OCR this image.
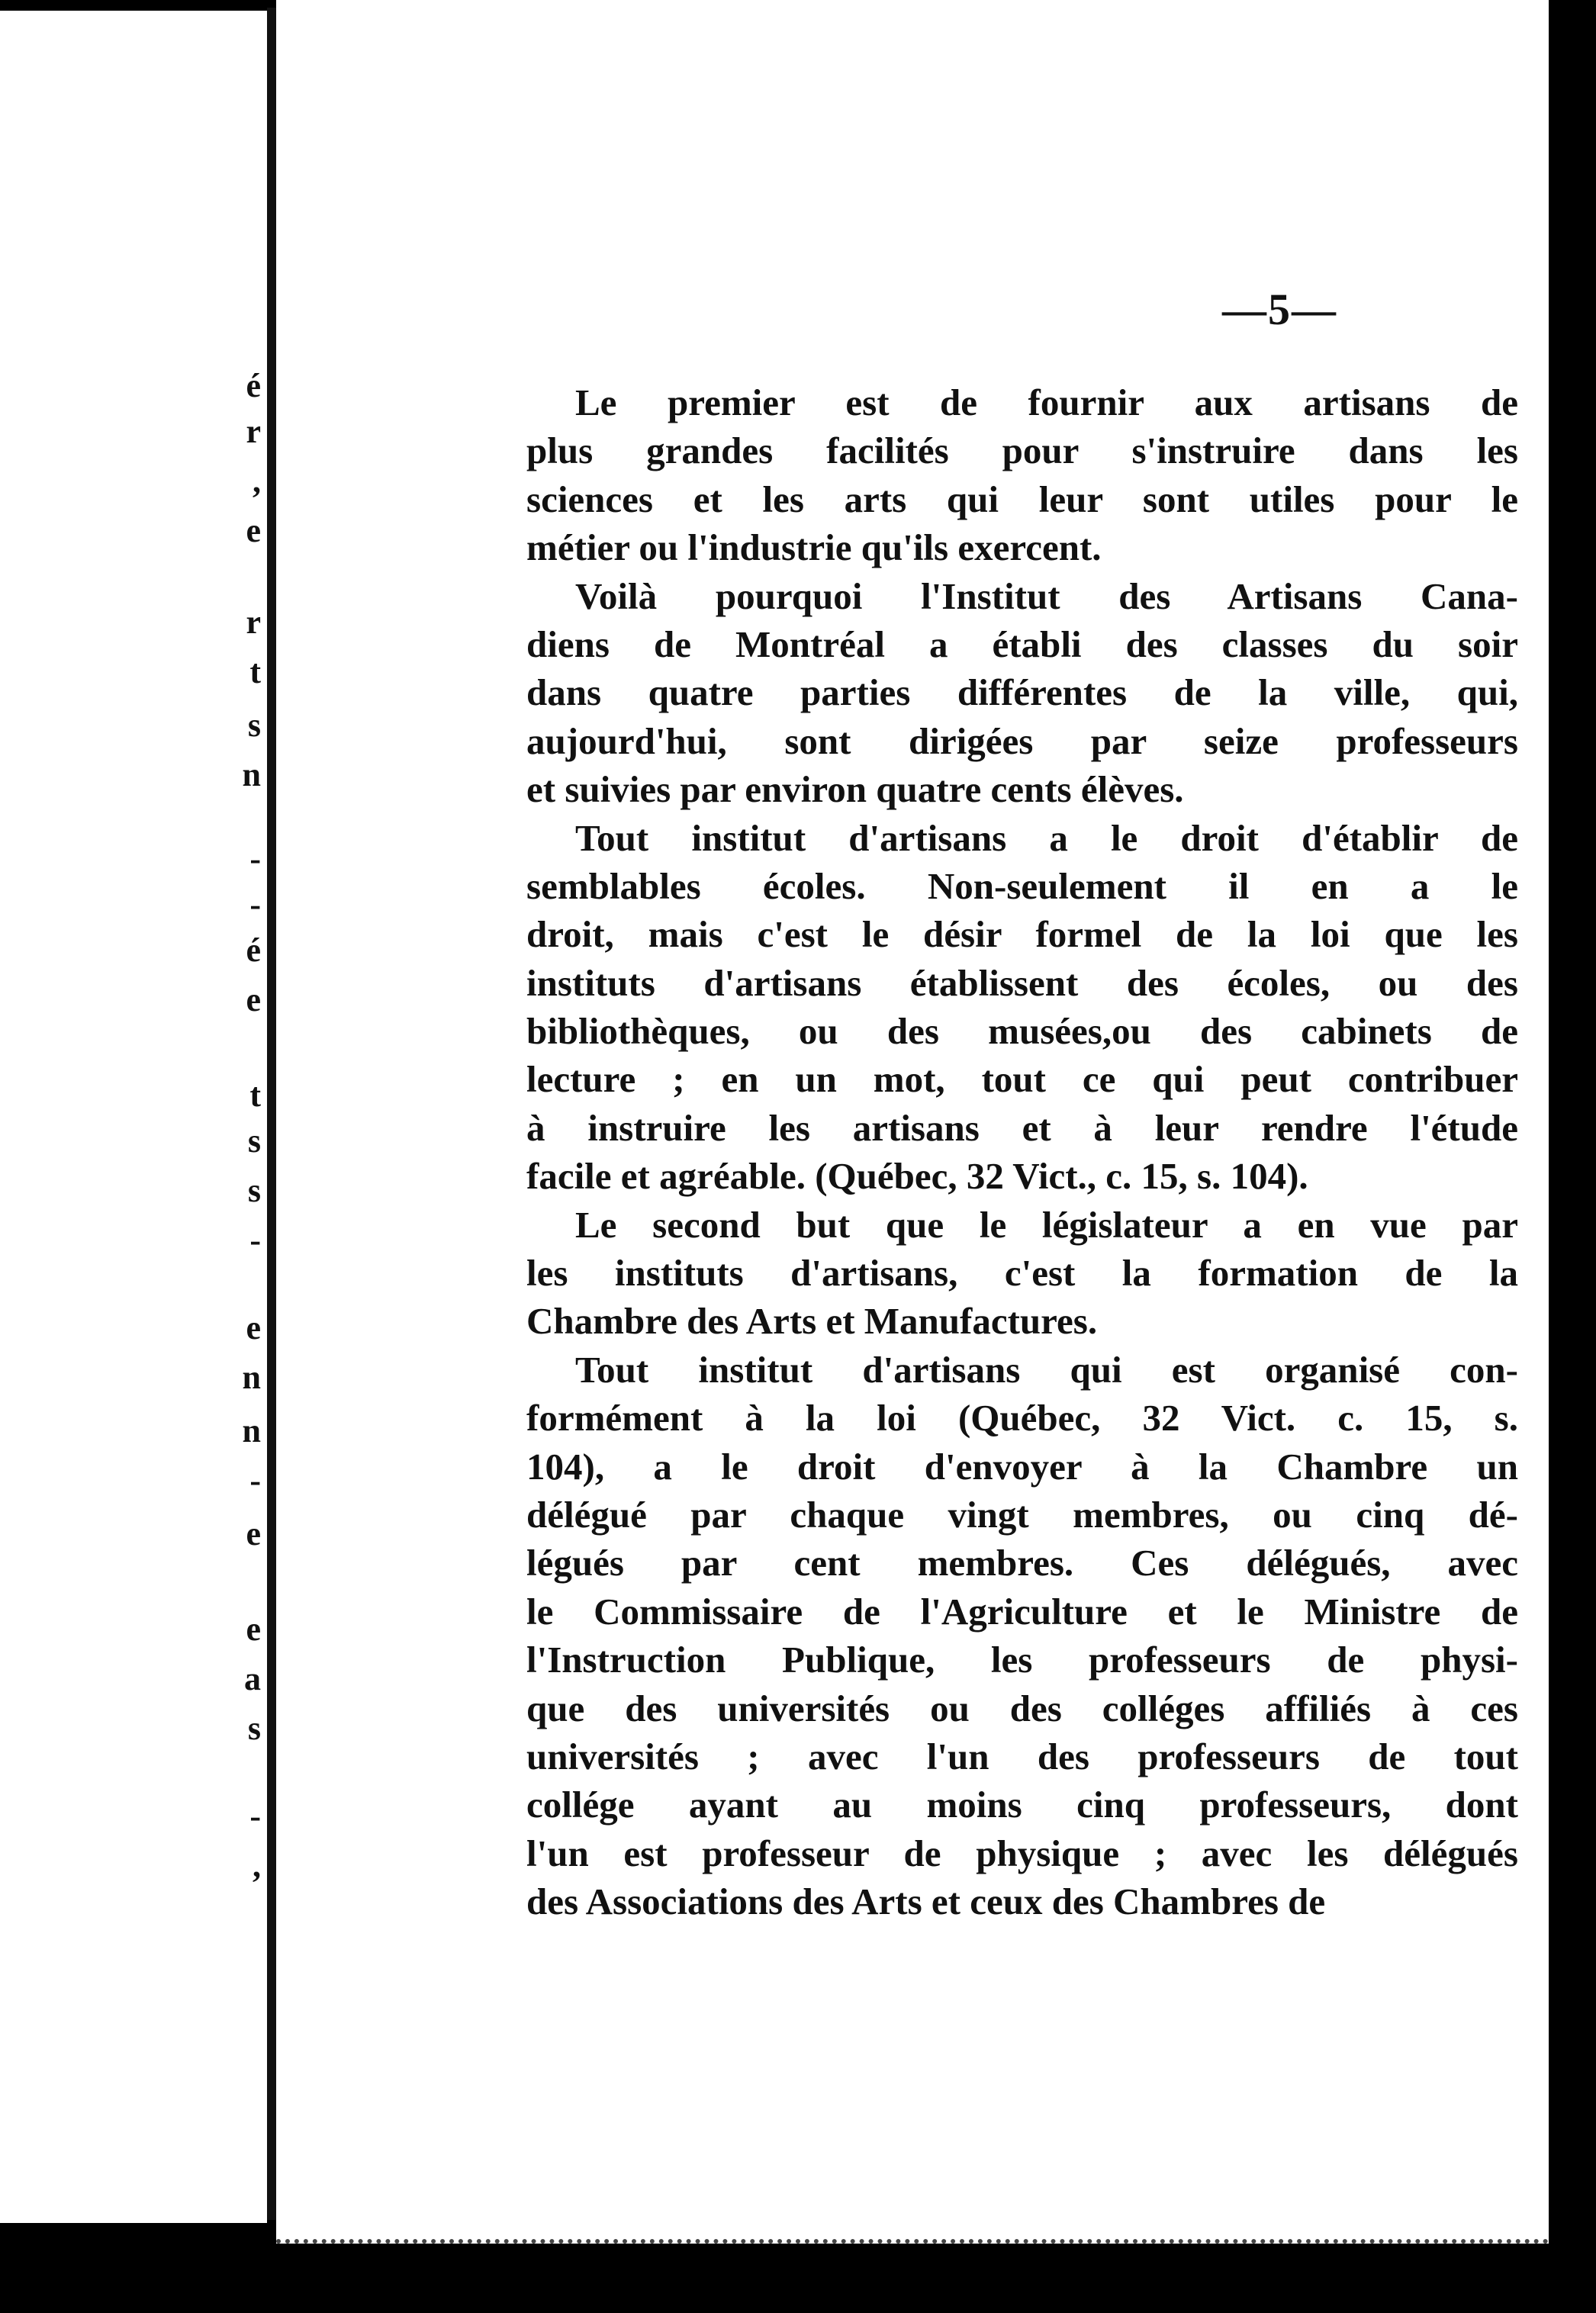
é
r
,
e
r
t
s
n
-
-
é
e
t
s
s
-
e
n
n
-
e
e
a
s
-
,
—5—
Le premier est de fournir aux artisans de
plus grandes facilités pour s'instruire dans les
sciences et les arts qui leur sont utiles pour le
métier ou l'industrie qu'ils exercent.
Voilà pourquoi l'Institut des Artisans Cana-
diens de Montréal a établi des classes du soir
dans quatre parties différentes de la ville, qui,
aujourd'hui, sont dirigées par seize professeurs
et suivies par environ quatre cents élèves.
Tout institut d'artisans a le droit d'établir de
semblables écoles. Non-seulement il en a le
droit, mais c'est le désir formel de la loi que les
instituts d'artisans établissent des écoles, ou des
bibliothèques, ou des musées,ou des cabinets de
lecture ; en un mot, tout ce qui peut contribuer
à instruire les artisans et à leur rendre l'étude
facile et agréable. (Québec, 32 Vict., c. 15, s. 104).
Le second but que le législateur a en vue par
les instituts d'artisans, c'est la formation de la
Chambre des Arts et Manufactures.
Tout institut d'artisans qui est organisé con-
formément à la loi (Québec, 32 Vict. c. 15, s.
104), a le droit d'envoyer à la Chambre un
délégué par chaque vingt membres, ou cinq dé-
légués par cent membres. Ces délégués, avec
le Commissaire de l'Agriculture et le Ministre de
l'Instruction Publique, les professeurs de physi-
que des universités ou des colléges affiliés à ces
universités ; avec l'un des professeurs de tout
collége ayant au moins cinq professeurs, dont
l'un est professeur de physique ; avec les délégués
des Associations des Arts et ceux des Chambres de
